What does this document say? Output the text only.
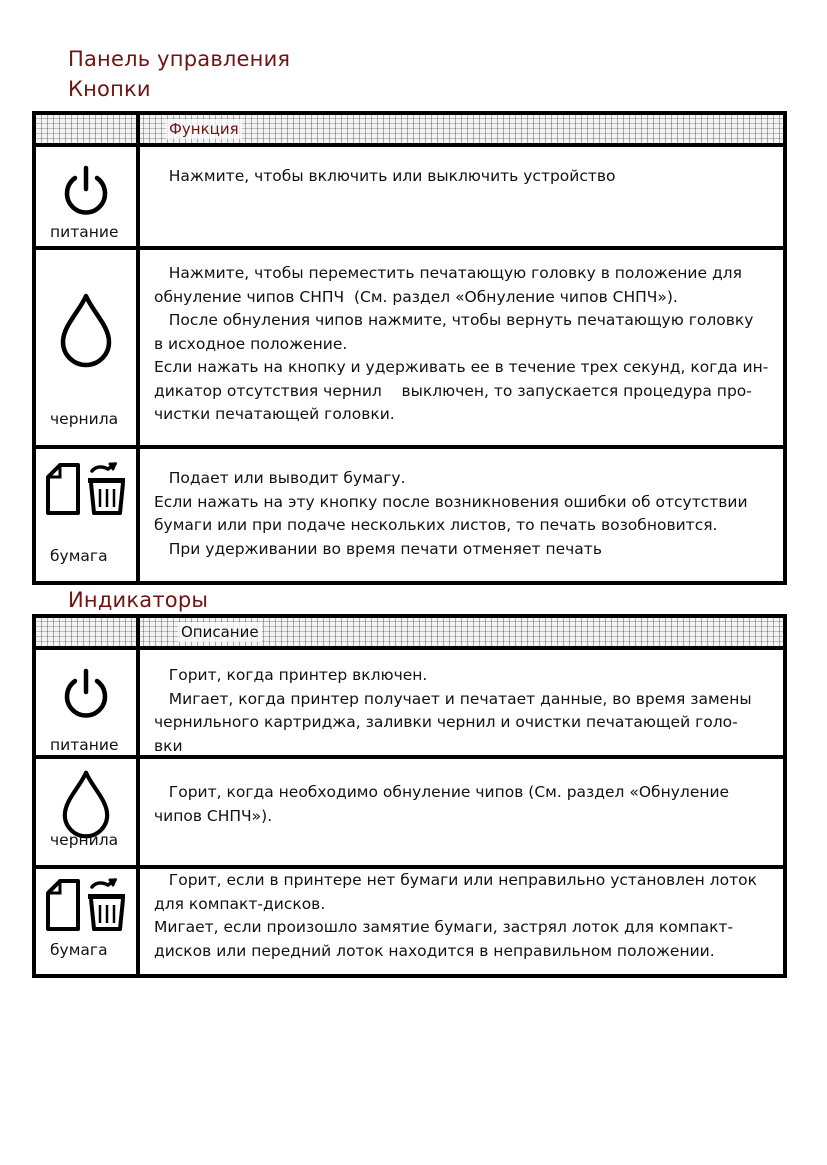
Панель управления
Кнопки
Функция
питание

Нажмите, чтобы включить или выключить устройство

чернила

Нажмите, чтобы переместить печатающую головку в положение для
обнуление чипов СНПЧ  (См. раздел «Обнуление чипов СНПЧ»).
После обнуления чипов нажмите, чтобы вернуть печатающую головку
в исходное положение.
Если нажать на кнопку и удерживать ее в течение трех секунд, когда ин-
дикатор отсутствия чернил    выключен, то запускается процедура про-
чистки печатающей головки.

бумага

Подает или выводит бумагу.
Если нажать на эту кнопку после возникновения ошибки об отсутствии
бумаги или при подаче нескольких листов, то печать возобновится.
При удерживании во время печати отменяет печать

Индикаторы
Описание
питание

Горит, когда принтер включен.
Мигает, когда принтер получает и печатает данные, во время замены
чернильного картриджа, заливки чернил и очистки печатающей голо-
вки

чернила

Горит, когда необходимо обнуление чипов (См. раздел «Обнуление
чипов СНПЧ»).

бумага

Горит, если в принтере нет бумаги или неправильно установлен лоток
для компакт-дисков.
Мигает, если произошло замятие бумаги, застрял лоток для компакт-
дисков или передний лоток находится в неправильном положении.
